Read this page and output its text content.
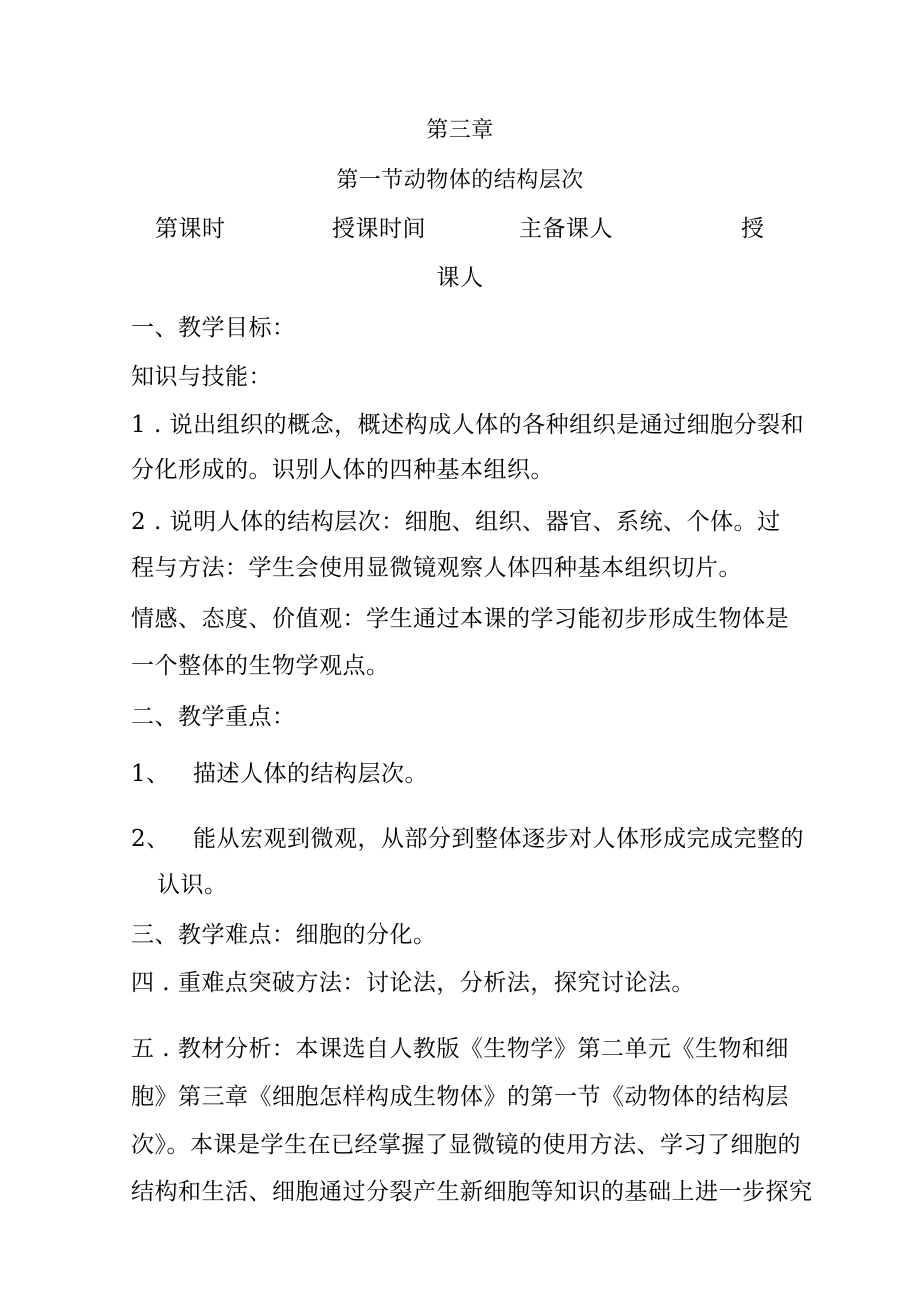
第三章
第一节动物体的结构层次
第课时	授课时间	主备课人	授
课人
一、教学目标：
知识与技能：
1 . 说出组织的概念，概述构成人体的各种组织是通过细胞分裂和
分化形成的。识别人体的四种基本组织。
2 . 说明人体的结构层次：细胞、组织、器官、系统、个体。过
程与方法：学生会使用显微镜观察人体四种基本组织切片。
情感、态度、价值观：学生通过本课的学习能初步形成生物体是
一个整体的生物学观点。
二、教学重点：
1、 描述人体的结构层次。
2、 能从宏观到微观，从部分到整体逐步对人体形成完成完整的
认识。
三、教学难点：细胞的分化。
四 . 重难点突破方法：讨论法，分析法，探究讨论法。
五 . 教材分析：本课选自人教版《生物学》第二单元《生物和细
胞》第三章《细胞怎样构成生物体》的第一节《动物体的结构层
次》。本课是学生在已经掌握了显微镜的使用方法、学习了细胞的
结构和生活、细胞通过分裂产生新细胞等知识的基础上进一步探究
